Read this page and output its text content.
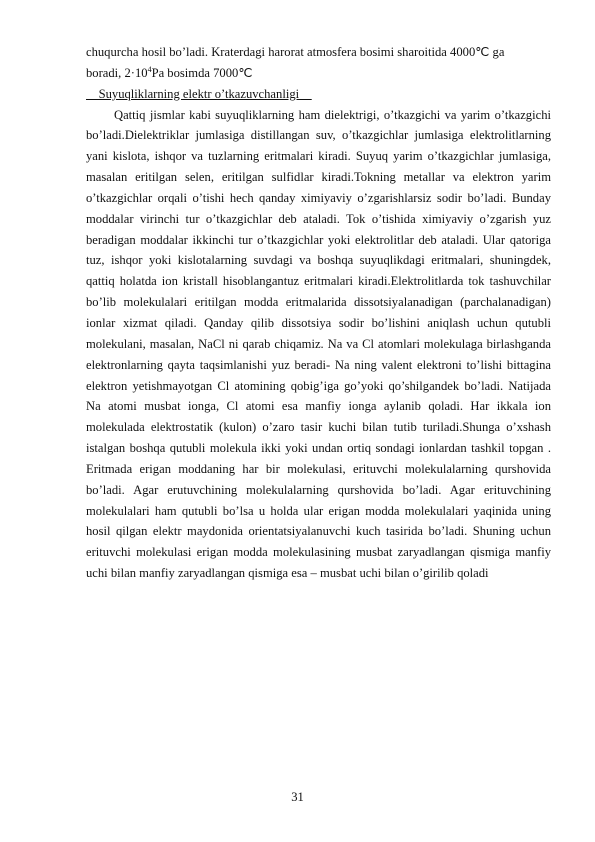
chuqurcha hosil bo’ladi. Kraterdagi harorat atmosfera bosimi sharoitida 4000℃ ga
boradi, $2\cdot 10^4Pa$ bosimda 7000℃

Suyuqliklarning elektr o’tkazuvchanligi

Qattiq jismlar kabi suyuqliklarning ham dielektrigi, o’tkazgichi va yarim o’tkazgichi bo’ladi.Dielektriklar jumlasiga distillangan suv, o’tkazgichlar jumlasiga elektrolitlarning yani kislota, ishqor va tuzlarning eritmalari kiradi. Suyuq yarim o’tkazgichlar jumlasiga, masalan eritilgan selen, eritilgan sulfidlar kiradi.Tokning metallar va elektron yarim o’tkazgichlar orqali o’tishi hech qanday ximiyaviy o’zgarishlarsiz sodir bo’ladi. Bunday moddalar virinchi tur o’tkazgichlar deb ataladi. Tok o’tishida ximiyaviy o’zgarish yuz beradigan moddalar ikkinchi tur o’tkazgichlar yoki elektrolitlar deb ataladi. Ular qatoriga tuz, ishqor yoki kislotalarning suvdagi va boshqa suyuqlikdagi eritmalari, shuningdek, qattiq holatda ion kristall hisoblangantuz eritmalari kiradi.Elektrolitlarda tok tashuvchilar bo’lib molekulalari eritilgan modda eritmalarida dissotsiyalanadigan (parchalanadigan) ionlar xizmat qiladi. Qanday qilib dissotsiya sodir bo’lishini aniqlash uchun qutubli molekulani, masalan, NaCl ni qarab chiqamiz. Na va Cl atomlari molekulaga birlashganda elektronlarning qayta taqsimlanishi yuz beradi- Na ning valent elektroni to’lishi bittagina elektron yetishmayotgan Cl atomining qobig’iga go’yoki qo’shilgandek bo’ladi. Natijada Na atomi musbat ionga, Cl atomi esa manfiy ionga aylanib qoladi. Har ikkala ion molekulada elektrostatik (kulon) o’zaro tasir kuchi bilan tutib turiladi.Shunga o’xshash istalgan boshqa qutubli molekula ikki yoki undan ortiq sondagi ionlardan tashkil topgan . Eritmada erigan moddaning har bir molekulasi, erituvchi molekulalarning qurshovida bo’ladi. Agar erutuvchining molekulalarning qurshovida bo’ladi. Agar erituvchining molekulalari ham qutubli bo’lsa u holda ular erigan modda molekulalari yaqinida uning hosil qilgan elektr maydonida orientatsiyalanuvchi kuch tasirida bo’ladi. Shuning uchun erituvchi molekulasi erigan modda molekulasining musbat zaryadlangan qismiga manfiy uchi bilan manfiy zaryadlangan qismiga esa – musbat uchi bilan o’girilib qoladi

31
